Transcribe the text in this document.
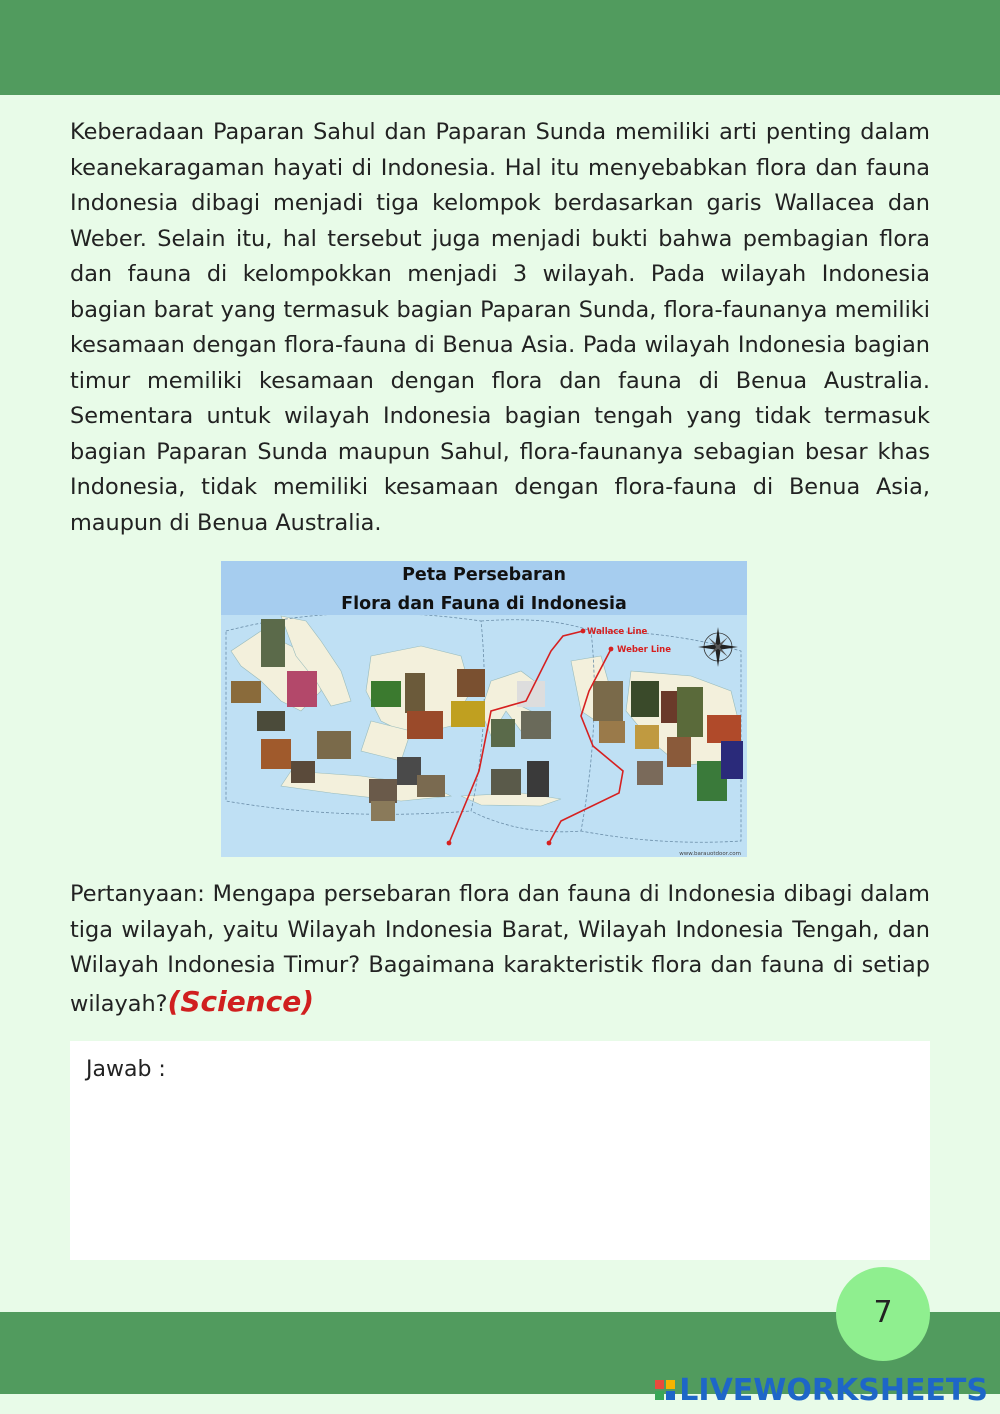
Keberadaan Paparan Sahul dan Paparan Sunda memiliki arti penting dalam keanekaragaman hayati di Indonesia. Hal itu menyebabkan flora dan fauna Indonesia dibagi menjadi tiga kelompok berdasarkan garis Wallacea dan Weber. Selain itu, hal tersebut juga menjadi bukti bahwa pembagian flora dan fauna di kelompokkan menjadi 3 wilayah. Pada wilayah Indonesia bagian barat yang termasuk bagian Paparan Sunda, flora-faunanya memiliki kesamaan dengan flora-fauna di Benua Asia. Pada wilayah Indonesia bagian timur memiliki kesamaan dengan flora dan fauna di Benua Australia. Sementara untuk wilayah Indonesia bagian tengah yang tidak termasuk bagian Paparan Sunda maupun Sahul, flora-faunanya sebagian besar khas Indonesia, tidak memiliki kesamaan dengan flora-fauna di Benua Asia, maupun di Benua Australia.

Wallace Line
Weber Line
www.barauotdoor.com
Peta Persebaran
Flora dan Fauna di Indonesia

Pertanyaan: Mengapa persebaran flora dan fauna di Indonesia dibagi dalam tiga wilayah, yaitu Wilayah Indonesia Barat, Wilayah Indonesia Tengah, dan Wilayah Indonesia Timur? Bagaimana karakteristik flora dan fauna di setiap wilayah?(Science)

Jawab :
7
LIVEWORKSHEETS
